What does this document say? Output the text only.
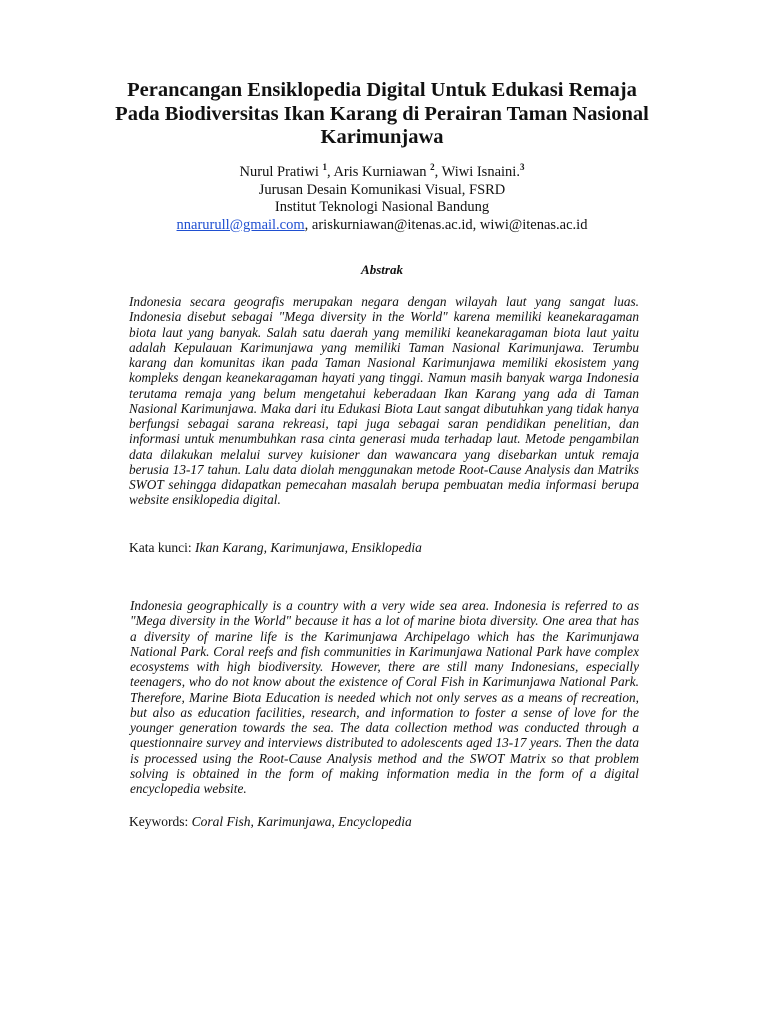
Perancangan Ensiklopedia Digital Untuk Edukasi Remaja Pada Biodiversitas Ikan Karang di Perairan Taman Nasional Karimunjawa
Nurul Pratiwi $^1$, Aris Kurniawan $^2$, Wiwi Isnaini.$^3$
Jurusan Desain Komunikasi Visual, FSRD
Institut Teknologi Nasional Bandung
nnarurull@gmail.com, ariskurniawan@itenas.ac.id, wiwi@itenas.ac.id
Abstrak

Indonesia secara geografis merupakan negara dengan wilayah laut yang sangat luas. Indonesia disebut sebagai "Mega diversity in the World" karena memiliki keanekaragaman biota laut yang banyak. Salah satu daerah yang memiliki keanekaragaman biota laut yaitu adalah Kepulauan Karimunjawa yang memiliki Taman Nasional Karimunjawa. Terumbu karang dan komunitas ikan pada Taman Nasional Karimunjawa memiliki ekosistem yang kompleks dengan keanekaragaman hayati yang tinggi. Namun masih banyak warga Indonesia terutama remaja yang belum mengetahui keberadaan Ikan Karang yang ada di Taman Nasional Karimunjawa. Maka dari itu Edukasi Biota Laut sangat dibutuhkan yang tidak hanya berfungsi sebagai sarana rekreasi, tapi juga sebagai saran pendidikan penelitian, dan informasi untuk menumbuhkan rasa cinta generasi muda terhadap laut. Metode pengambilan data dilakukan melalui survey kuisioner dan wawancara yang disebarkan untuk remaja berusia 13-17 tahun. Lalu data diolah menggunakan metode Root-Cause Analysis dan Matriks SWOT sehingga didapatkan pemecahan masalah berupa pembuatan media informasi berupa website ensiklopedia digital.

Kata kunci: Ikan Karang, Karimunjawa, Ensiklopedia

Indonesia geographically is a country with a very wide sea area. Indonesia is referred to as "Mega diversity in the World" because it has a lot of marine biota diversity. One area that has a diversity of marine life is the Karimunjawa Archipelago which has the Karimunjawa National Park. Coral reefs and fish communities in Karimunjawa National Park have complex ecosystems with high biodiversity. However, there are still many Indonesians, especially teenagers, who do not know about the existence of Coral Fish in Karimunjawa National Park. Therefore, Marine Biota Education is needed which not only serves as a means of recreation, but also as education facilities, research, and information to foster a sense of love for the younger generation towards the sea. The data collection method was conducted through a questionnaire survey and interviews distributed to adolescents aged 13-17 years. Then the data is processed using the Root-Cause Analysis method and the SWOT Matrix so that problem solving is obtained in the form of making information media in the form of a digital encyclopedia website.

Keywords: Coral Fish, Karimunjawa, Encyclopedia
